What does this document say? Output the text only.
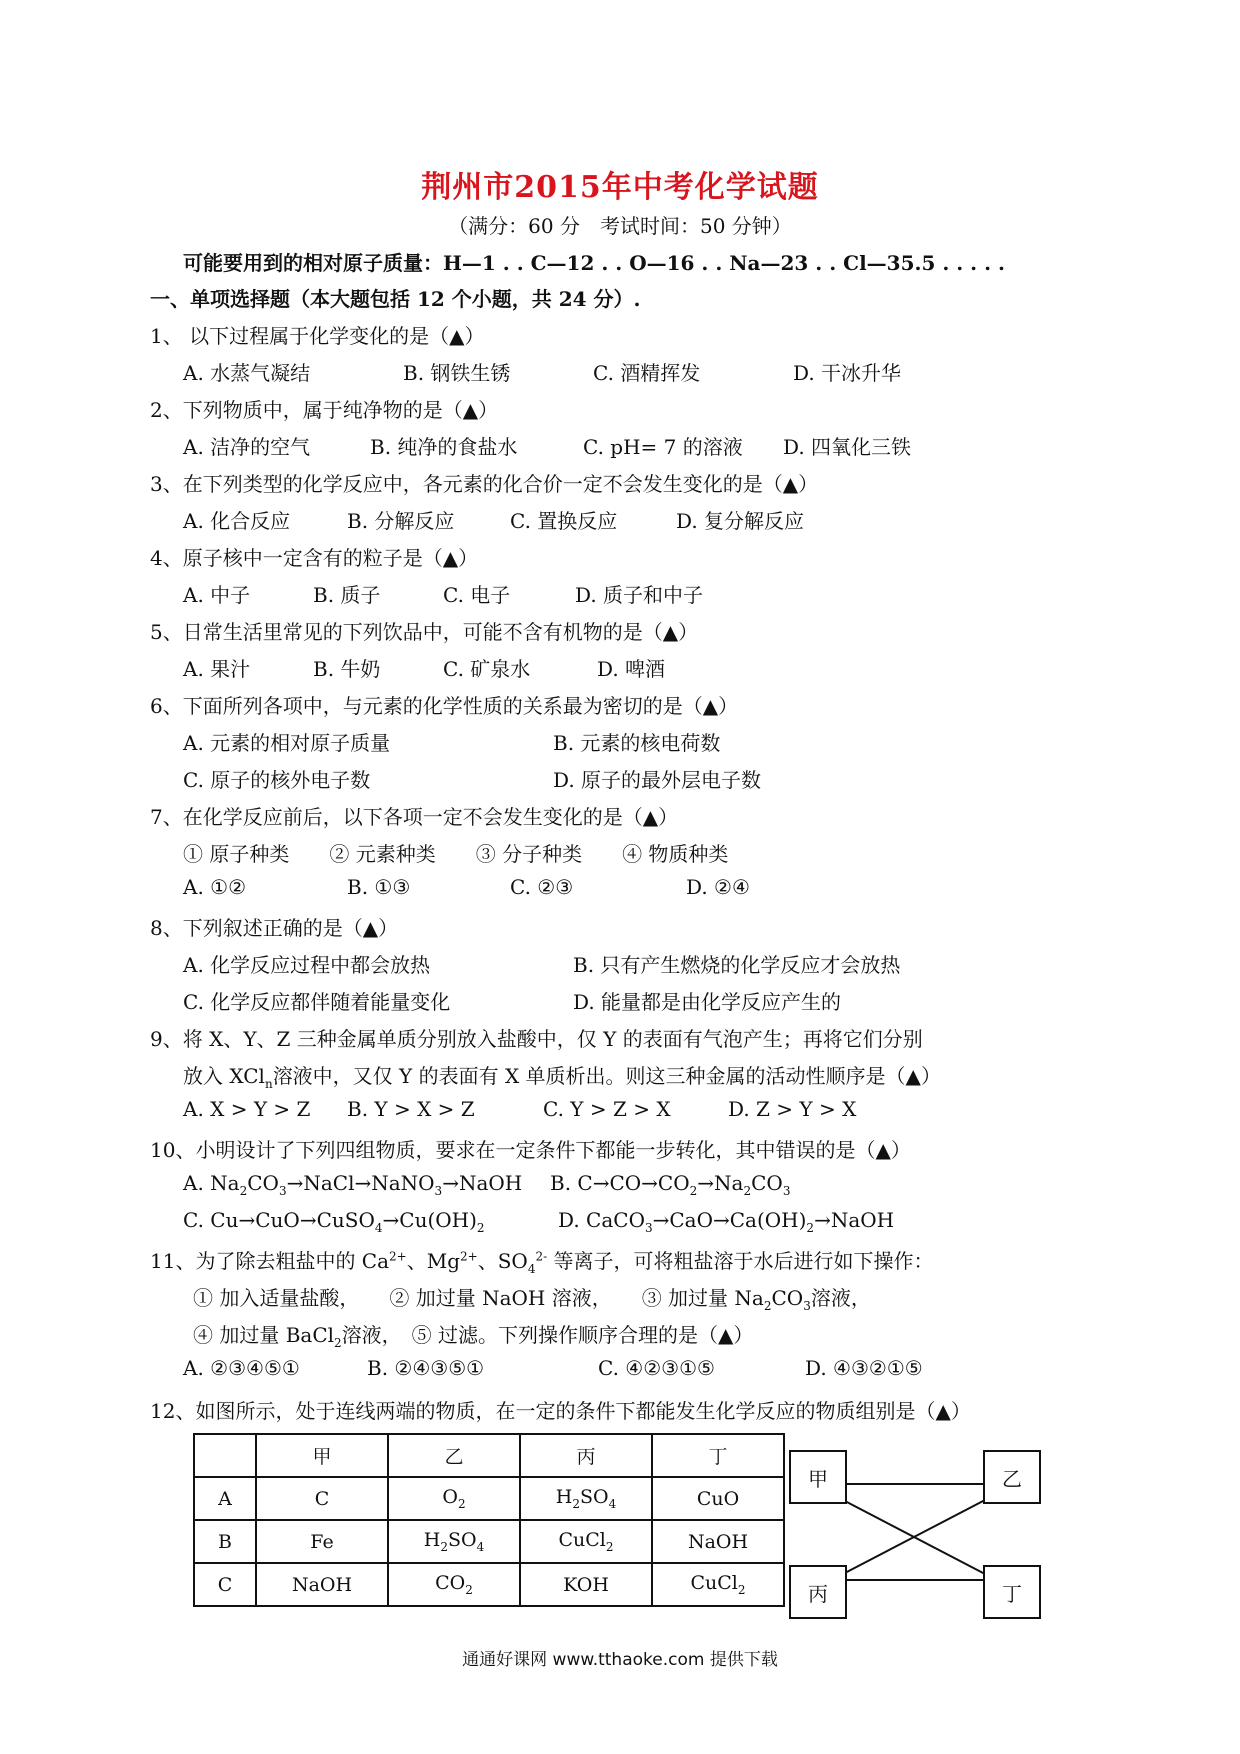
荆州市2015年中考化学试题
（满分：60 分　考试时间：50 分钟）
可能要用到的相对原子质量：H—1 . . C—12 . . O—16 . . Na—23 . . Cl—35.5 . . . . .
一、单项选择题（本大题包括 12 个小题，共 24 分）.
1、 以下过程属于化学变化的是（▲）
A. 水蒸气凝结	B. 钢铁生锈	C. 酒精挥发	D. 干冰升华
2、下列物质中，属于纯净物的是（▲）
A. 洁净的空气	B. 纯净的食盐水	C. pH= 7 的溶液 D. 四氧化三铁
3、在下列类型的化学反应中，各元素的化合价一定不会发生变化的是（▲）
A. 化合反应	B. 分解反应	C. 置换反应	D. 复分解反应
4、原子核中一定含有的粒子是（▲）
A. 中子	B. 质子	C. 电子	D. 质子和中子
5、日常生活里常见的下列饮品中，可能不含有机物的是（▲）
A. 果汁	B. 牛奶	C. 矿泉水	D. 啤酒
6、下面所列各项中，与元素的化学性质的关系最为密切的是（▲）
A. 元素的相对原子质量	B. 元素的核电荷数
C. 原子的核外电子数	D. 原子的最外层电子数
7、在化学反应前后，以下各项一定不会发生变化的是（▲）
① 原子种类　　② 元素种类　　③ 分子种类　　④ 物质种类
A. ①②	B. ①③	C. ②③	D. ②④
8、下列叙述正确的是（▲）
A. 化学反应过程中都会放热	B. 只有产生燃烧的化学反应才会放热
C. 化学反应都伴随着能量变化	D. 能量都是由化学反应产生的
9、将 X、Y、Z 三种金属单质分别放入盐酸中，仅 Y 的表面有气泡产生；再将它们分别
放入 XCl$_n$溶液中，又仅 Y 的表面有 X 单质析出。则这三种金属的活动性顺序是（▲）
A. X > Y > Z B. Y > X > Z	C. Y > Z > X	D. Z > Y > X
10、小明设计了下列四组物质，要求在一定条件下都能一步转化，其中错误的是（▲）
A. $Na_2CO_3\to NaCl\to NaNO_3\to NaOH$ B. $C\to CO\to CO_2\to Na_2CO_3$
C. $Cu\to CuO\to CuSO_4\to Cu(OH)_2$	D. $CaCO_3\to CaO\to Ca(OH)_2\to NaOH$
11、为了除去粗盐中的 $Ca^{2+}$、$Mg^{2+}$、$SO_4^{2-}$ 等离子，可将粗盐溶于水后进行如下操作：
① 加入适量盐酸，　　② 加过量 NaOH 溶液，　　③ 加过量 $Na_2CO_3$溶液，
④ 加过量 BaCl$_2$溶液，　⑤ 过滤。下列操作顺序合理的是（▲）
A. ②③④⑤①	B. ②④③⑤①	C. ④②③①⑤	D. ④③②①⑤
12、如图所示，处于连线两端的物质，在一定的条件下都能发生化学反应的物质组别是（▲）
	甲	乙	丙	丁
A	C	$O_2$	$H_2SO_4$	CuO
B	Fe	$H_2SO_4$	CuCl$_2$	NaOH
C	NaOH	$CO_2$	KOH	CuCl$_2$
甲	乙
丙	丁
通通好课网 www.tthaoke.com 提供下载
